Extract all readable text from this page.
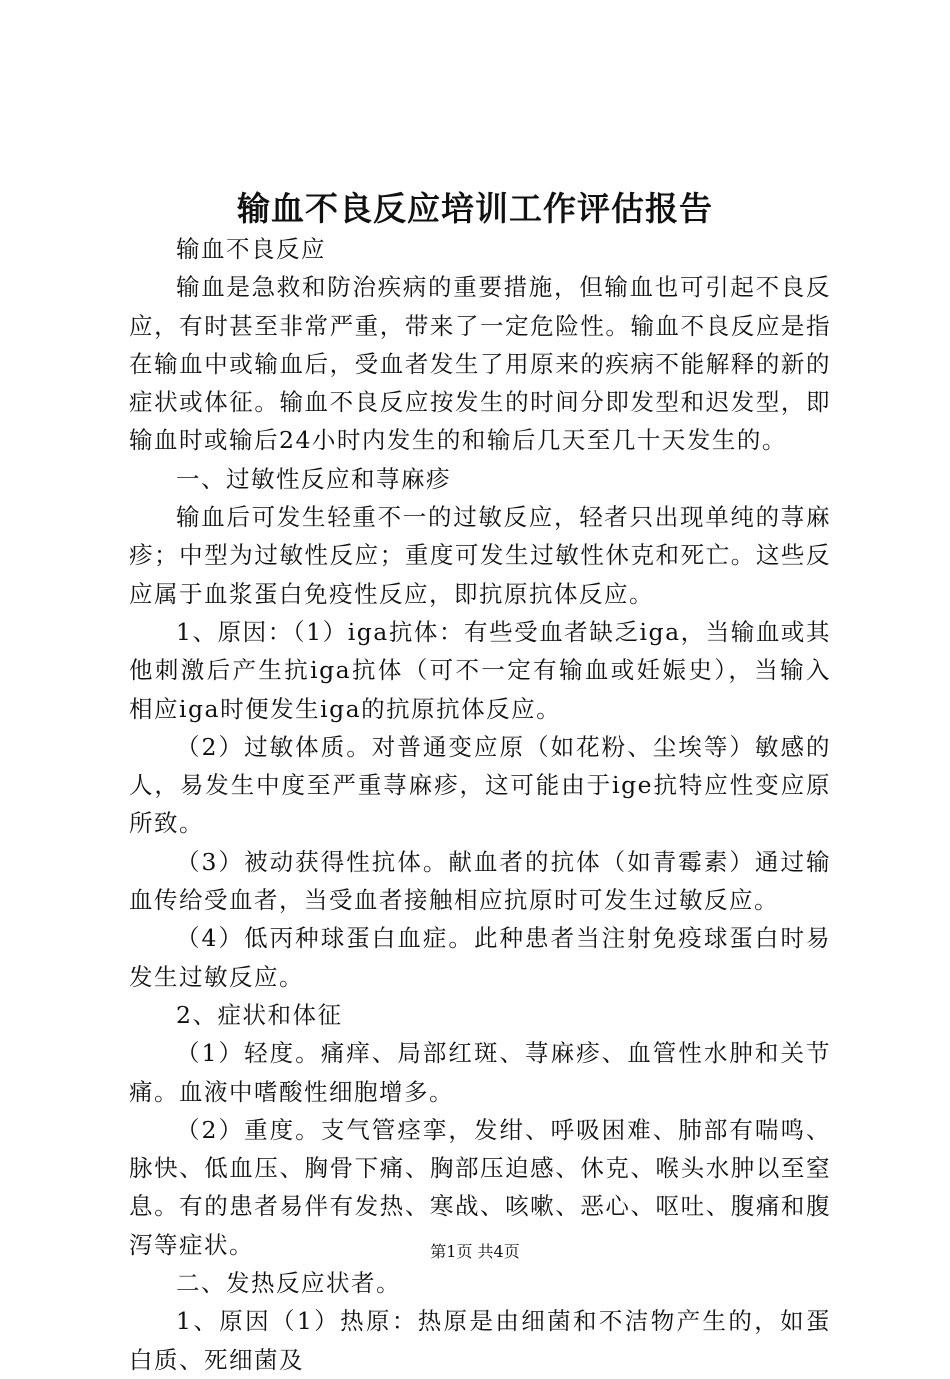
输血不良反应培训工作评估报告

输血不良反应

输血是急救和防治疾病的重要措施，但输血也可引起不良反应，有时甚至非常严重，带来了一定危险性。输血不良反应是指在输血中或输血后，受血者发生了用原来的疾病不能解释的新的症状或体征。输血不良反应按发生的时间分即发型和迟发型，即输血时或输后24小时内发生的和输后几天至几十天发生的。

一、过敏性反应和荨麻疹

输血后可发生轻重不一的过敏反应，轻者只出现单纯的荨麻疹；中型为过敏性反应；重度可发生过敏性休克和死亡。这些反应属于血浆蛋白免疫性反应，即抗原抗体反应。

1、原因：（1）iga抗体：有些受血者缺乏iga，当输血或其他刺激后产生抗iga抗体（可不一定有输血或妊娠史），当输入相应iga时便发生iga的抗原抗体反应。

（2）过敏体质。对普通变应原（如花粉、尘埃等）敏感的人，易发生中度至严重荨麻疹，这可能由于ige抗特应性变应原所致。

（3）被动获得性抗体。献血者的抗体（如青霉素）通过输血传给受血者，当受血者接触相应抗原时可发生过敏反应。

（4）低丙种球蛋白血症。此种患者当注射免疫球蛋白时易发生过敏反应。

2、症状和体征

（1）轻度。痛痒、局部红斑、荨麻疹、血管性水肿和关节痛。血液中嗜酸性细胞增多。

（2）重度。支气管痉挛，发绀、呼吸困难、肺部有喘鸣、脉快、低血压、胸骨下痛、胸部压迫感、休克、喉头水肿以至窒息。有的患者易伴有发热、寒战、咳嗽、恶心、呕吐、腹痛和腹泻等症状。

二、发热反应状者。

1、原因（1）热原：热原是由细菌和不洁物产生的，如蛋白质、死细菌及

第1页 共4页
